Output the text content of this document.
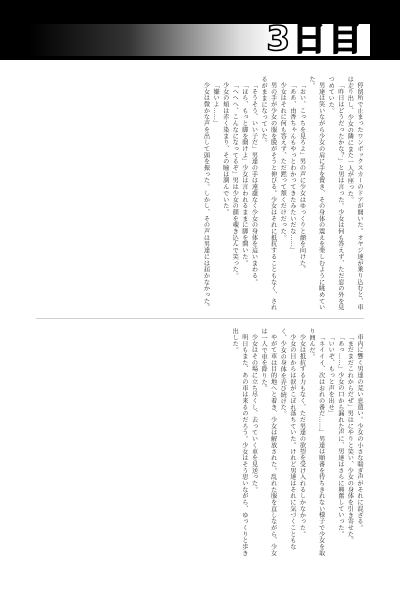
3日目

停留所で止まったワンボックスカーのドアが開いた。オヤジ達が乗り込むと、車は走り出し、少女の隣にまた一人が座った。

「昨日はどうだったかな？」と男は言った。少女は何も答えず、ただ窓の外を見つめていた。

男達は笑いながら少女の肩に手を置き、その身体の震えを楽しむように眺めていた。

「おい、こっちを見ろよ」男の声に少女はゆっくりと顔を向けた。

「ああ、由香ちゃんもやっとわかってきたみたいだな……」

少女はそれに何も答えず、ただ黙って頷くだけだった。

男の手が少女の服を脱がそうと伸びる。少女はそれに抵抗することもなく、されるがままになっていた。

「そうそう、いい子だ」男達の手は遠慮なく少女の身体を這いまわる。

「ほら、もっと脚を開けよ」少女は言われるままに脚を開いた。

「へへへ、こんなになってるぞ」男は少女の顔を覗き込んで笑った。

少女の頬は赤く染まり、その瞳は潤んでいた。

「嫌いよ……」

少女は微かな声を出して頭を振った。しかし、その声は男達には届かなかった。

車内に響く男達の荒い息遣い。少女の小さな喘ぎ声がそれに混ざる。

「まだまだこれからだぜ」男はにやりと笑い、少女の身体を引き寄せた。

「あっ……」少女の口から漏れた声に、男達はさらに興奮していった。

「いいぞ、もっと声を出せ」

「ネイイイ、次はおれの番だ……」男達は順番を待ちきれない様子で少女を取り囲んだ。

少女は抵抗する力もなく、ただ男達の欲望を受け入れるしかなかった。

少女の目からは涙がこぼれ落ちていた。けれど男達はそれに気づくこともなく、少女の身体を弄び続けた。

やがて車は目的地へと着き、少女は解放された。乱れた服を直しながら、少女は一人で車を降りた。

少女はその場に立ち尽くし、去っていく車を見送った。

明日もまた、あの車は来るのだろう。少女はそう思いながら、ゆっくりと歩き出した。
